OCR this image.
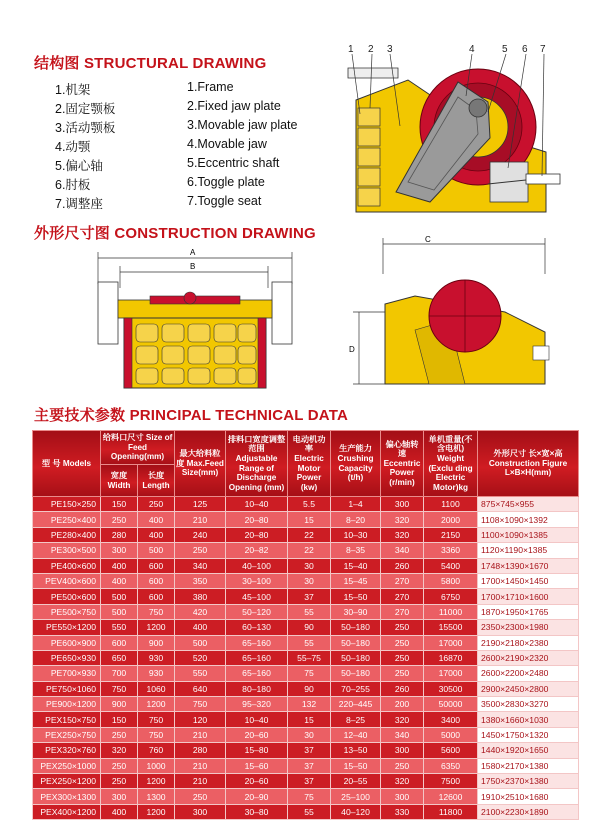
结构图 STRUCTURAL DRAWING
1.机架	1.Frame
2.固定颚板	2.Fixed jaw plate
3.活动颚板	3.Movable jaw plate
4.动颚	4.Movable jaw
5.偏心轴	5.Eccentric shaft
6.肘板	6.Toggle plate
7.调整座	7.Toggle seat
1 2 3	4	5 6 7
外形尺寸图 CONSTRUCTION DRAWING
A
B
C
D
主要技术参数 PRINCIPAL TECHNICAL DATA
型 号 Models	给料口尺寸 Size of Feed Opening(mm)		最大给料粒度 Max.Feed Size(mm)	排料口宽度调整范围 Adjustable Range of Discharge Opening (mm)	电动机功率 Electric Motor Power (kw)	生产能力 Crushing Capacity (t/h)	偏心轴转速 Eccentric Power (r/min)	单机重量(不含电机) Weight (Exclu ding Electric Motor)kg	外形尺寸 长×宽×高 Construction Figure L×B×H(mm)
	宽度 Width	长度 Length							
PE150×250	150	250	125	10–40	5.5	1–4	300	1100	875×745×955
PE250×400	250	400	210	20–80	15	8–20	320	2000	1108×1090×1392
PE280×400	280	400	240	20–80	22	10–30	320	2150	1100×1090×1385
PE300×500	300	500	250	20–82	22	8–35	340	3360	1120×1190×1385
PE400×600	400	600	340	40–100	30	15–40	260	5400	1748×1390×1670
PEV400×600	400	600	350	30–100	30	15–45	270	5800	1700×1450×1450
PE500×600	500	600	380	45–100	37	15–50	270	6750	1700×1710×1600
PE500×750	500	750	420	50–120	55	30–90	270	11000	1870×1950×1765
PE550×1200	550	1200	400	60–130	90	50–180	250	15500	2350×2300×1980
PE600×900	600	900	500	65–160	55	50–180	250	17000	2190×2180×2380
PE650×930	650	930	520	65–160	55–75	50–180	250	16870	2600×2190×2320
PE700×930	700	930	550	65–160	75	50–180	250	17000	2600×2200×2480
PE750×1060	750	1060	640	80–180	90	70–255	260	30500	2900×2450×2800
PE900×1200	900	1200	750	95–320	132	220–445	200	50000	3500×2830×3270
PEX150×750	150	750	120	10–40	15	8–25	320	3400	1380×1660×1030
PEX250×750	250	750	210	20–60	30	12–40	340	5000	1450×1750×1320
PEX320×760	320	760	280	15–80	37	13–50	300	5600	1440×1920×1650
PEX250×1000	250	1000	210	15–60	37	15–50	250	6350	1580×2170×1380
PEX250×1200	250	1200	210	20–60	37	20–55	320	7500	1750×2370×1380
PEX300×1300	300	1300	250	20–90	75	25–100	300	12600	1910×2510×1680
PEX400×1200	400	1200	300	30–80	55	40–120	330	11800	2100×2230×1890
